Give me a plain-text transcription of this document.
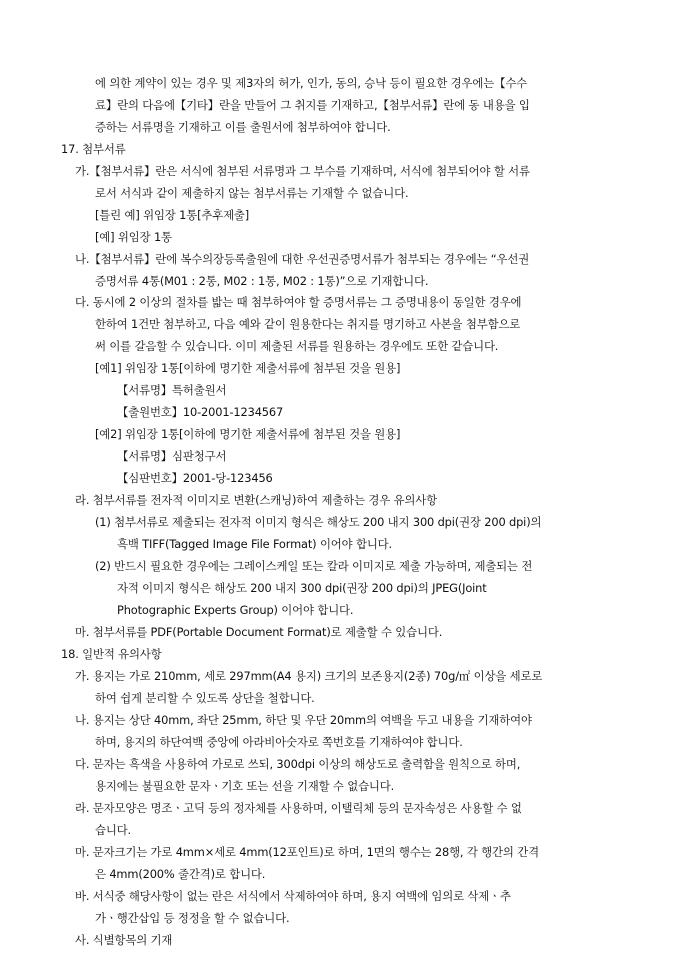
에 의한 계약이 있는 경우 및 제3자의 허가, 인가, 동의, 승낙 등이 필요한 경우에는【수수
료】란의 다음에【기타】란을 만들어 그 취지를 기재하고,【첨부서류】란에 동 내용을 입
증하는 서류명을 기재하고 이를 출원서에 첨부하여야 합니다.
17. 첨부서류
가.【첨부서류】란은 서식에 첨부된 서류명과 그 부수를 기재하며, 서식에 첨부되어야 할 서류
로서 서식과 같이 제출하지 않는 첨부서류는 기재할 수 없습니다.
[틀린 예] 위임장 1통[추후제출]
[예] 위임장 1통
나.【첨부서류】란에 복수의장등록출원에 대한 우선권증명서류가 첨부되는 경우에는 “우선권
증명서류 4통(M01 : 2통, M02 : 1통, M02 : 1통)”으로 기재합니다.
다. 동시에 2 이상의 절차를 밟는 때 첨부하여야 할 증명서류는 그 증명내용이 동일한 경우에
한하여 1건만 첨부하고, 다음 예와 같이 원용한다는 취지를 명기하고 사본을 첨부함으로
써 이를 갈음할 수 있습니다. 이미 제출된 서류를 원용하는 경우에도 또한 같습니다.
[예1] 위임장 1통[이하에 명기한 제출서류에 첨부된 것을 원용]
【서류명】특허출원서
【출원번호】10-2001-1234567
[예2] 위임장 1통[이하에 명기한 제출서류에 첨부된 것을 원용]
【서류명】심판청구서
【심판번호】2001-당-123456
라. 첨부서류를 전자적 이미지로 변환(스캐닝)하여 제출하는 경우 유의사항
(1) 첨부서류로 제출되는 전자적 이미지 형식은 해상도 200 내지 300 dpi(권장 200 dpi)의
흑백 TIFF(Tagged Image File Format) 이어야 합니다.
(2) 반드시 필요한 경우에는 그레이스케일 또는 칼라 이미지로 제출 가능하며, 제출되는 전
자적 이미지 형식은 해상도 200 내지 300 dpi(권장 200 dpi)의 JPEG(Joint
Photographic Experts Group) 이어야 합니다.
마. 첨부서류를 PDF(Portable Document Format)로 제출할 수 있습니다.
18. 일반적 유의사항
가. 용지는 가로 210mm, 세로 297mm(A4 용지) 크기의 보존용지(2종) 70g/㎡ 이상을 세로로
하여 쉽게 분리할 수 있도록 상단을 철합니다.
나. 용지는 상단 40mm, 좌단 25mm, 하단 및 우단 20mm의 여백을 두고 내용을 기재하여야
하며, 용지의 하단여백 중앙에 아라비아숫자로 쪽번호를 기재하여야 합니다.
다. 문자는 흑색을 사용하여 가로로 쓰되, 300dpi 이상의 해상도로 출력함을 원칙으로 하며,
용지에는 불필요한 문자ㆍ기호 또는 선을 기재할 수 없습니다.
라. 문자모양은 명조ㆍ고딕 등의 정자체를 사용하며, 이탤릭체 등의 문자속성은 사용할 수 없
습니다.
마. 문자크기는 가로 4mm×세로 4mm(12포인트)로 하며, 1면의 행수는 28행, 각 행간의 간격
은 4mm(200% 줄간격)로 합니다.
바. 서식중 해당사항이 없는 란은 서식에서 삭제하여야 하며, 용지 여백에 임의로 삭제ㆍ추
가ㆍ행간삽입 등 정정을 할 수 없습니다.
사. 식별항목의 기재
